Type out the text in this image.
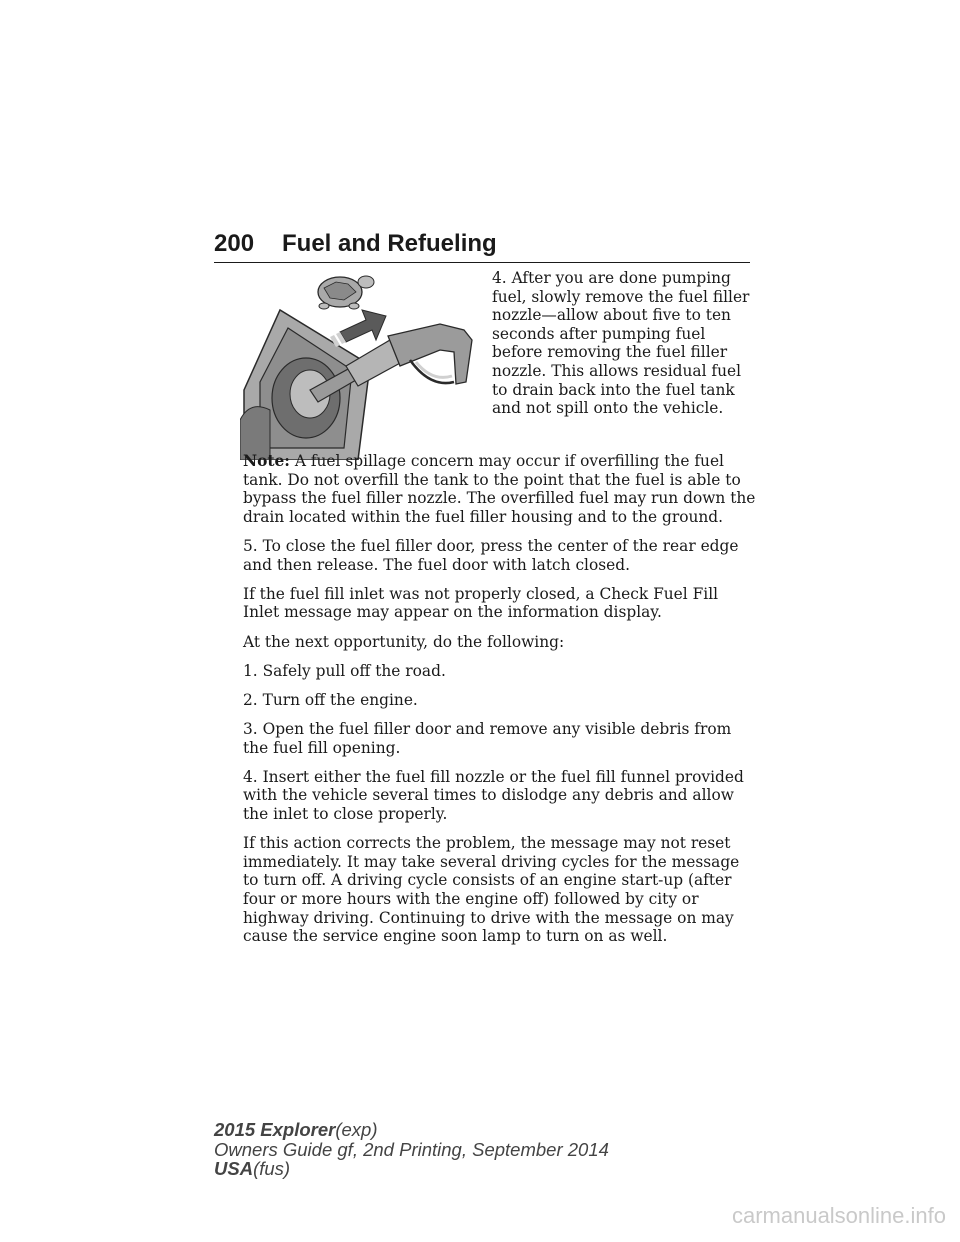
200 Fuel and Refueling

4. After you are done pumping fuel, slowly remove the fuel filler nozzle—allow about five to ten seconds after pumping fuel before removing the fuel filler nozzle. This allows residual fuel to drain back into the fuel tank and not spill onto the vehicle.

Note: A fuel spillage concern may occur if overfilling the fuel tank. Do not overfill the tank to the point that the fuel is able to bypass the fuel filler nozzle. The overfilled fuel may run down the drain located within the fuel filler housing and to the ground.

5. To close the fuel filler door, press the center of the rear edge and then release. The fuel door with latch closed.

If the fuel fill inlet was not properly closed, a Check Fuel Fill Inlet message may appear on the information display.

At the next opportunity, do the following:

1. Safely pull off the road.

2. Turn off the engine.

3. Open the fuel filler door and remove any visible debris from the fuel fill opening.

4. Insert either the fuel fill nozzle or the fuel fill funnel provided with the vehicle several times to dislodge any debris and allow the inlet to close properly.

If this action corrects the problem, the message may not reset immediately. It may take several driving cycles for the message to turn off. A driving cycle consists of an engine start-up (after four or more hours with the engine off) followed by city or highway driving. Continuing to drive with the message on may cause the service engine soon lamp to turn on as well.

2015 Explorer(exp)
Owners Guide gf, 2nd Printing, September 2014
USA(fus)
carmanualsonline.info
